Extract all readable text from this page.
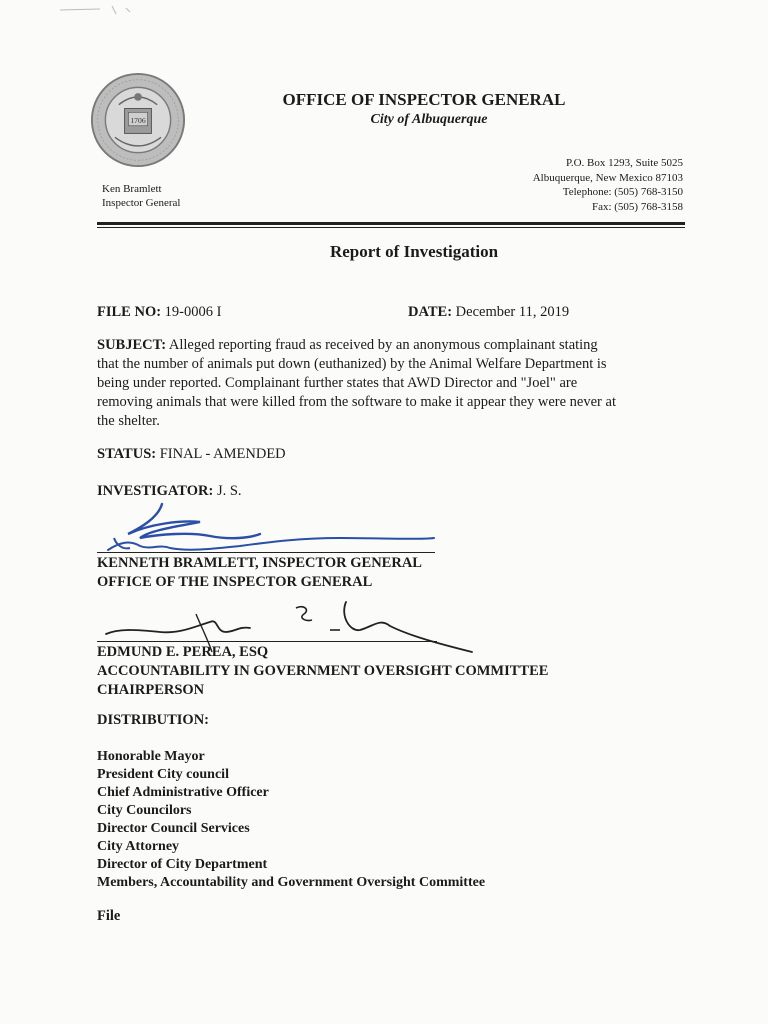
1706
OFFICE OF INSPECTOR GENERAL
City of Albuquerque
Ken Bramlett
Inspector General
P.O. Box 1293, Suite 5025
Albuquerque, New Mexico 87103
Telephone: (505) 768-3150
Fax: (505) 768-3158
Report of Investigation
FILE NO: 19-0006 I	DATE: December 11, 2019
SUBJECT: Alleged reporting fraud as received by an anonymous complainant stating that the number of animals put down (euthanized) by the Animal Welfare Department is being under reported. Complainant further states that AWD Director and "Joel" are removing animals that were killed from the software to make it appear they were never at the shelter.
STATUS: FINAL - AMENDED
INVESTIGATOR: J. S.
KENNETH BRAMLETT, INSPECTOR GENERAL
OFFICE OF THE INSPECTOR GENERAL
EDMUND E. PEREA, ESQ
ACCOUNTABILITY IN GOVERNMENT OVERSIGHT COMMITTEE
CHAIRPERSON
DISTRIBUTION:
Honorable Mayor
President City council
Chief Administrative Officer
City Councilors
Director Council Services
City Attorney
Director of City Department
Members, Accountability and Government Oversight Committee
File
